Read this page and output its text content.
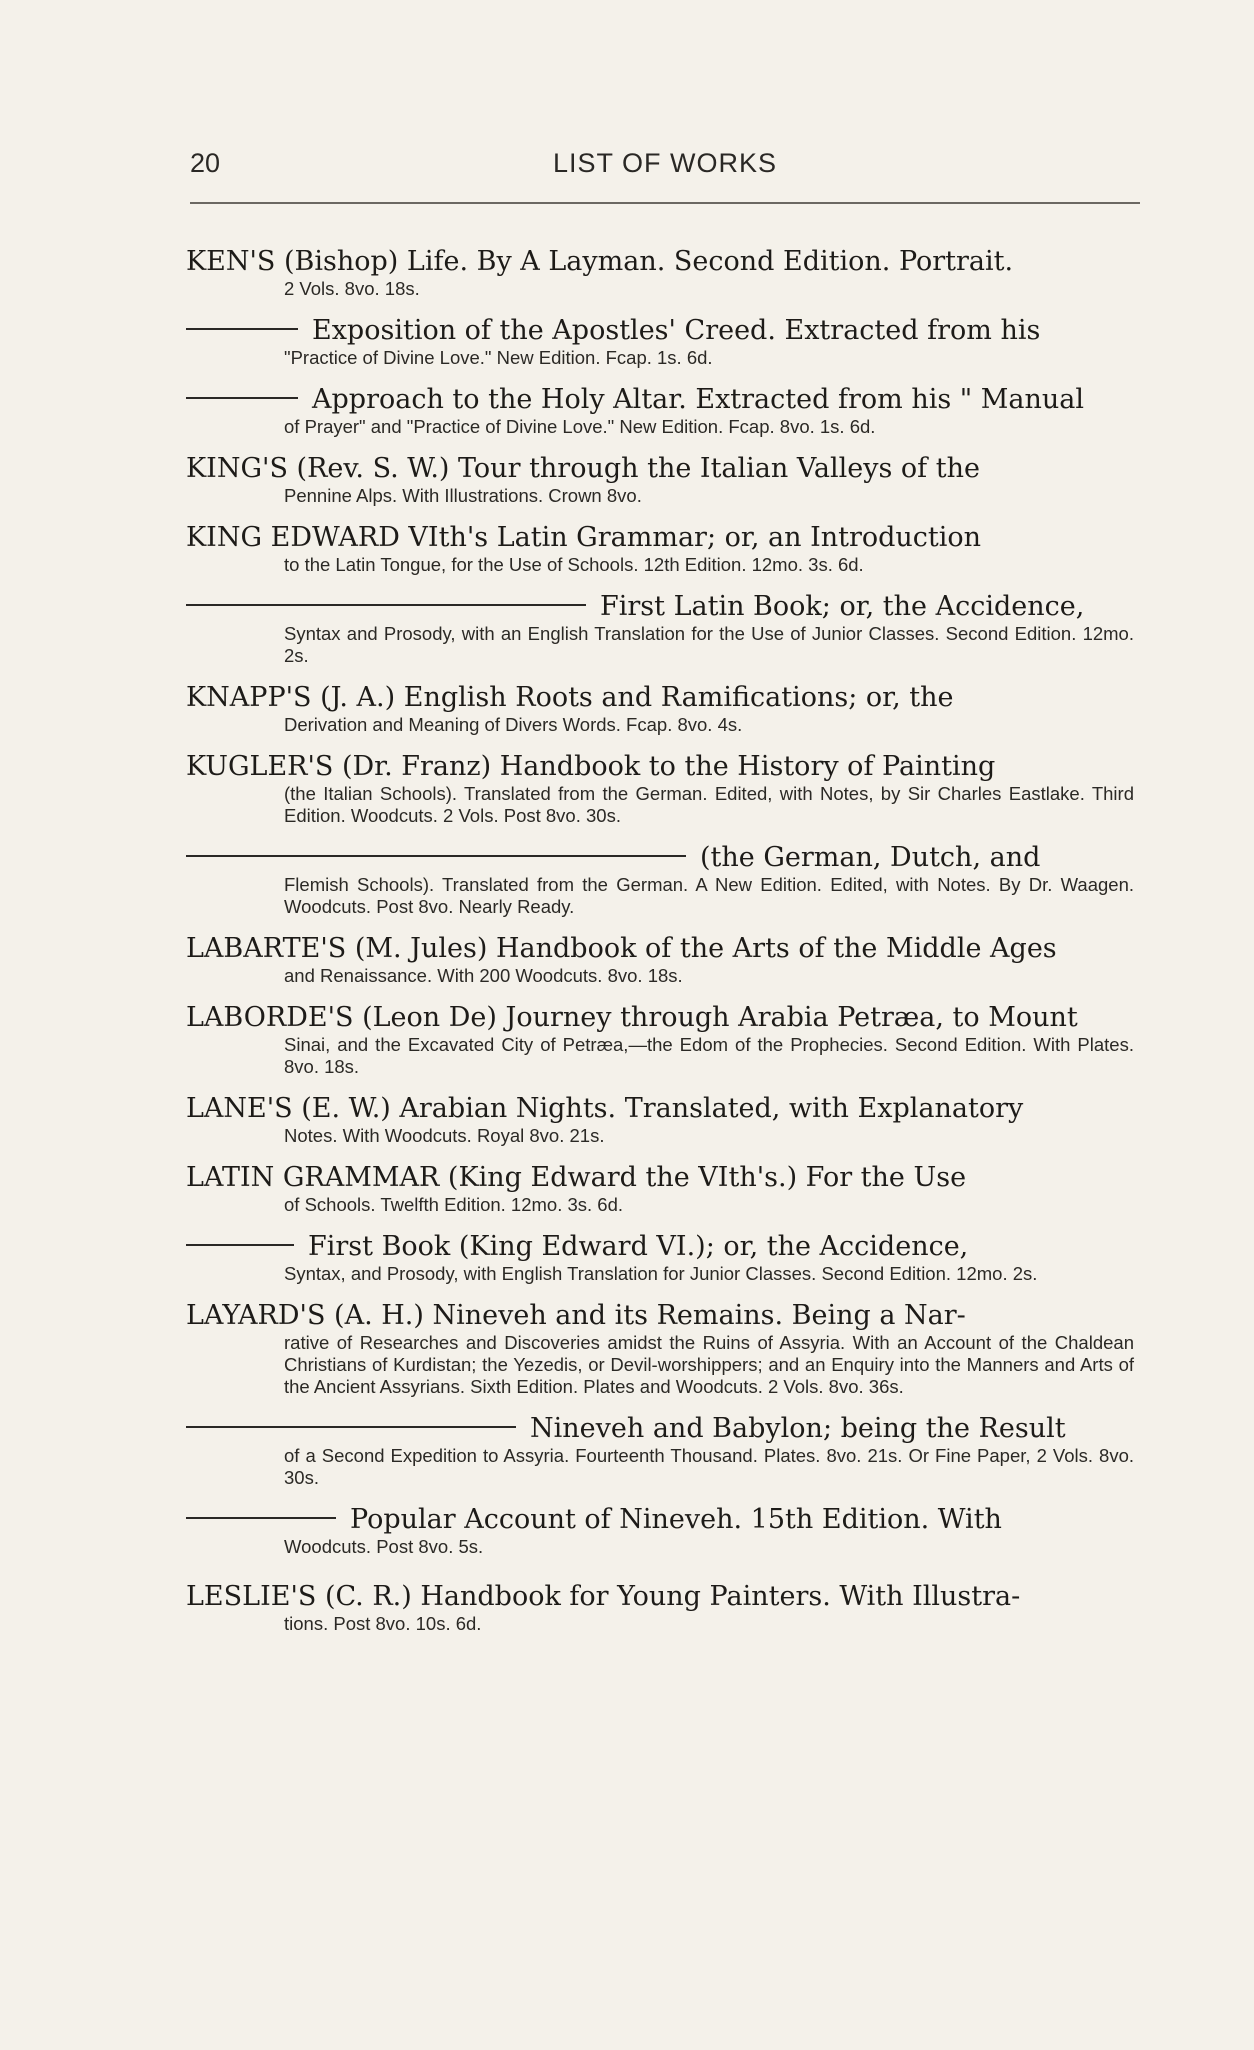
20	LIST OF WORKS
KEN'S (Bishop) Life. By A Layman. Second Edition. Portrait.
2 Vols. 8vo. 18s.
Exposition of the Apostles' Creed. Extracted from his
"Practice of Divine Love." New Edition. Fcap. 1s. 6d.
Approach to the Holy Altar. Extracted from his " Manual
of Prayer" and "Practice of Divine Love." New Edition. Fcap. 8vo. 1s. 6d.
KING'S (Rev. S. W.) Tour through the Italian Valleys of the
Pennine Alps. With Illustrations. Crown 8vo.
KING EDWARD VIth's Latin Grammar; or, an Introduction
to the Latin Tongue, for the Use of Schools. 12th Edition. 12mo. 3s. 6d.
First Latin Book; or, the Accidence,
Syntax and Prosody, with an English Translation for the Use of Junior Classes. Second Edition. 12mo. 2s.
KNAPP'S (J. A.) English Roots and Ramifications; or, the
Derivation and Meaning of Divers Words. Fcap. 8vo. 4s.
KUGLER'S (Dr. Franz) Handbook to the History of Painting
(the Italian Schools). Translated from the German. Edited, with Notes, by Sir Charles Eastlake. Third Edition. Woodcuts. 2 Vols. Post 8vo. 30s.
(the German, Dutch, and
Flemish Schools). Translated from the German. A New Edition. Edited, with Notes. By Dr. Waagen. Woodcuts. Post 8vo. Nearly Ready.
LABARTE'S (M. Jules) Handbook of the Arts of the Middle Ages
and Renaissance. With 200 Woodcuts. 8vo. 18s.
LABORDE'S (Leon De) Journey through Arabia Petræa, to Mount
Sinai, and the Excavated City of Petræa,—the Edom of the Prophecies. Second Edition. With Plates. 8vo. 18s.
LANE'S (E. W.) Arabian Nights. Translated, with Explanatory
Notes. With Woodcuts. Royal 8vo. 21s.
LATIN GRAMMAR (King Edward the VIth's.) For the Use
of Schools. Twelfth Edition. 12mo. 3s. 6d.
First Book (King Edward VI.); or, the Accidence,
Syntax, and Prosody, with English Translation for Junior Classes. Second Edition. 12mo. 2s.
LAYARD'S (A. H.) Nineveh and its Remains. Being a Nar-
rative of Researches and Discoveries amidst the Ruins of Assyria. With an Account of the Chaldean Christians of Kurdistan; the Yezedis, or Devil-worshippers; and an Enquiry into the Manners and Arts of the Ancient Assyrians. Sixth Edition. Plates and Woodcuts. 2 Vols. 8vo. 36s.
Nineveh and Babylon; being the Result
of a Second Expedition to Assyria. Fourteenth Thousand. Plates. 8vo. 21s. Or Fine Paper, 2 Vols. 8vo. 30s.
Popular Account of Nineveh. 15th Edition. With
Woodcuts. Post 8vo. 5s.
LESLIE'S (C. R.) Handbook for Young Painters. With Illustra-
tions. Post 8vo. 10s. 6d.
